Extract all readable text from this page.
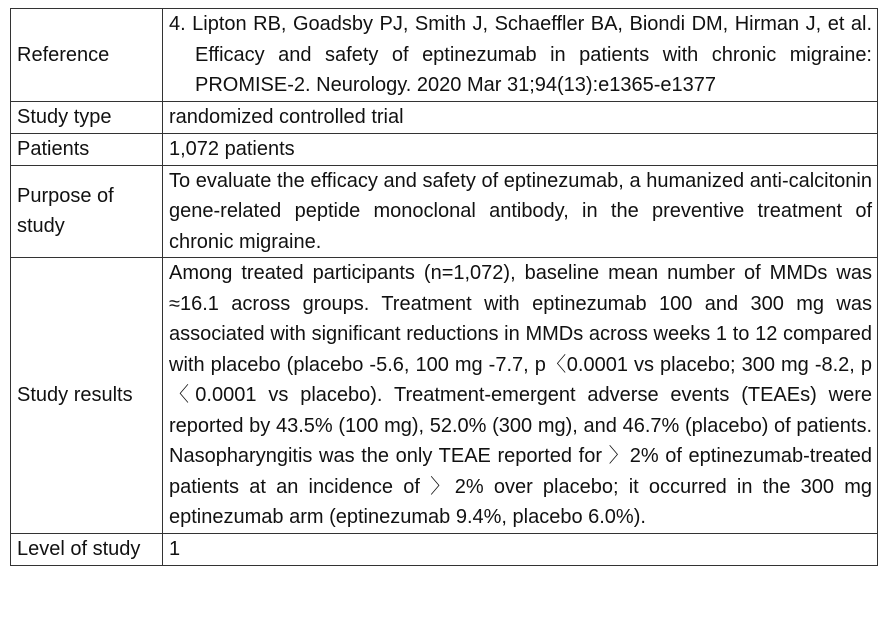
Reference	4. Lipton RB, Goadsby PJ, Smith J, Schaeffler BA, Biondi DM, Hirman J, et al. Efficacy and safety of eptinezumab in patients with chronic migraine: PROMISE-2. Neurology. 2020 Mar 31;94(13):e1365-e1377

Study type	randomized controlled trial
Patients	1,072 patients
Purpose of study	To evaluate the efficacy and safety of eptinezumab, a humanized anti-calcitonin gene-related peptide monoclonal antibody, in the preventive treatment of chronic migraine.
Study results	Among treated participants (n=1,072), baseline mean number of MMDs was ≈16.1 across groups. Treatment with eptinezumab 100 and 300 mg was associated with significant reductions in MMDs across weeks 1 to 12 compared with placebo (placebo -5.6, 100 mg -7.7, p〈0.0001 vs placebo; 300 mg -8.2, p〈0.0001 vs placebo). Treatment-emergent adverse events (TEAEs) were reported by 43.5% (100 mg), 52.0% (300 mg), and 46.7% (placebo) of patients. Nasopharyngitis was the only TEAE reported for 〉2% of eptinezumab-treated patients at an incidence of 〉2% over placebo; it occurred in the 300 mg eptinezumab arm (eptinezumab 9.4%, placebo 6.0%).
Level of study	1
